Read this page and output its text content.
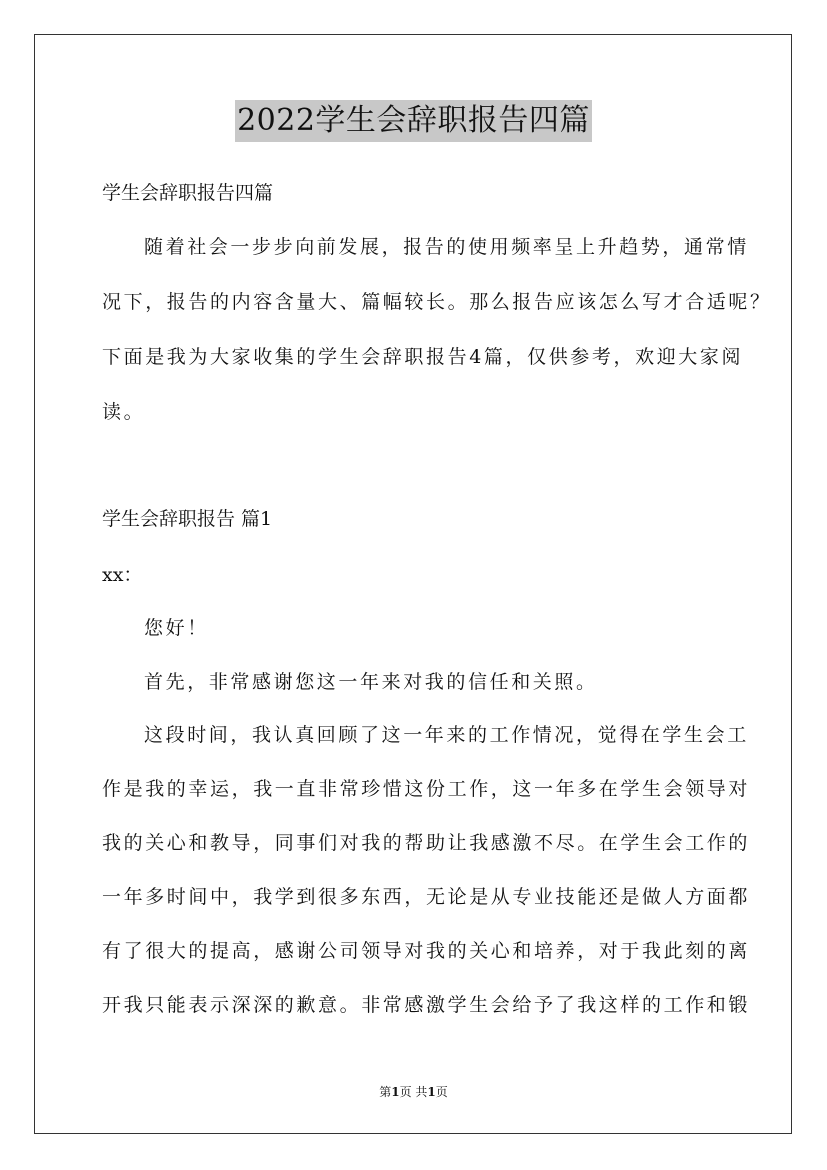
2022学生会辞职报告四篇
学生会辞职报告四篇
随着社会一步步向前发展，报告的使用频率呈上升趋势，通常情
况下，报告的内容含量大、篇幅较长。那么报告应该怎么写才合适呢？
下面是我为大家收集的学生会辞职报告4篇，仅供参考，欢迎大家阅
读。
学生会辞职报告 篇1
xx：
您好！
首先，非常感谢您这一年来对我的信任和关照。
这段时间，我认真回顾了这一年来的工作情况，觉得在学生会工
作是我的幸运，我一直非常珍惜这份工作，这一年多在学生会领导对
我的关心和教导，同事们对我的帮助让我感激不尽。在学生会工作的
一年多时间中，我学到很多东西，无论是从专业技能还是做人方面都
有了很大的提高，感谢公司领导对我的关心和培养，对于我此刻的离
开我只能表示深深的歉意。非常感激学生会给予了我这样的工作和锻
第1页 共1页
